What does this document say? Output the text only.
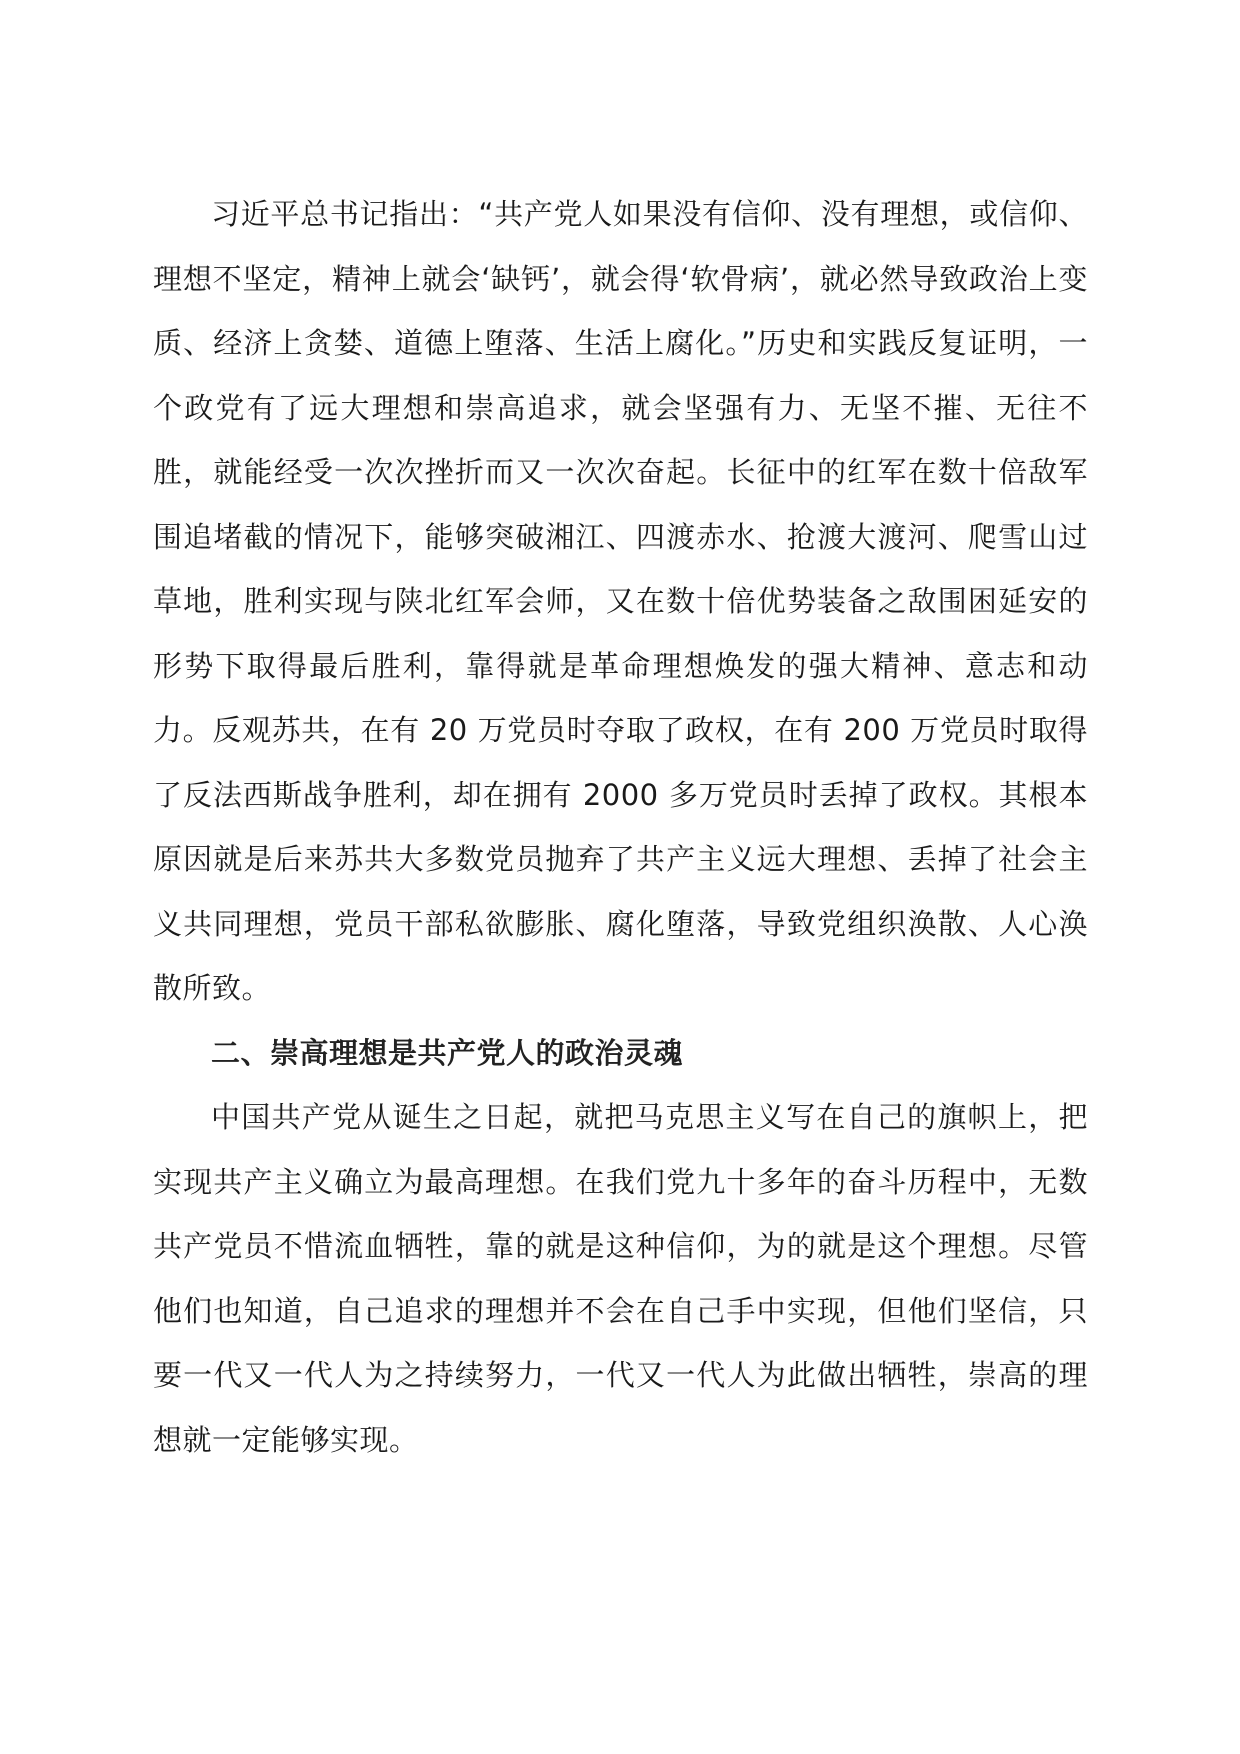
习近平总书记指出：“共产党人如果没有信仰、没有理想，或信仰、理想不坚定，精神上就会‘缺钙’，就会得‘软骨病’，就必然导致政治上变质、经济上贪婪、道德上堕落、生活上腐化。”历史和实践反复证明，一个政党有了远大理想和崇高追求，就会坚强有力、无坚不摧、无往不胜，就能经受一次次挫折而又一次次奋起。长征中的红军在数十倍敌军围追堵截的情况下，能够突破湘江、四渡赤水、抢渡大渡河、爬雪山过草地，胜利实现与陕北红军会师，又在数十倍优势装备之敌围困延安的形势下取得最后胜利，靠得就是革命理想焕发的强大精神、意志和动力。反观苏共，在有 20 万党员时夺取了政权，在有 200 万党员时取得了反法西斯战争胜利，却在拥有 2000 多万党员时丢掉了政权。其根本原因就是后来苏共大多数党员抛弃了共产主义远大理想、丢掉了社会主义共同理想，党员干部私欲膨胀、腐化堕落，导致党组织涣散、人心涣散所致。

二、崇高理想是共产党人的政治灵魂

中国共产党从诞生之日起，就把马克思主义写在自己的旗帜上，把实现共产主义确立为最高理想。在我们党九十多年的奋斗历程中，无数共产党员不惜流血牺牲，靠的就是这种信仰，为的就是这个理想。尽管他们也知道，自己追求的理想并不会在自己手中实现，但他们坚信，只要一代又一代人为之持续努力，一代又一代人为此做出牺牲，崇高的理想就一定能够实现。
